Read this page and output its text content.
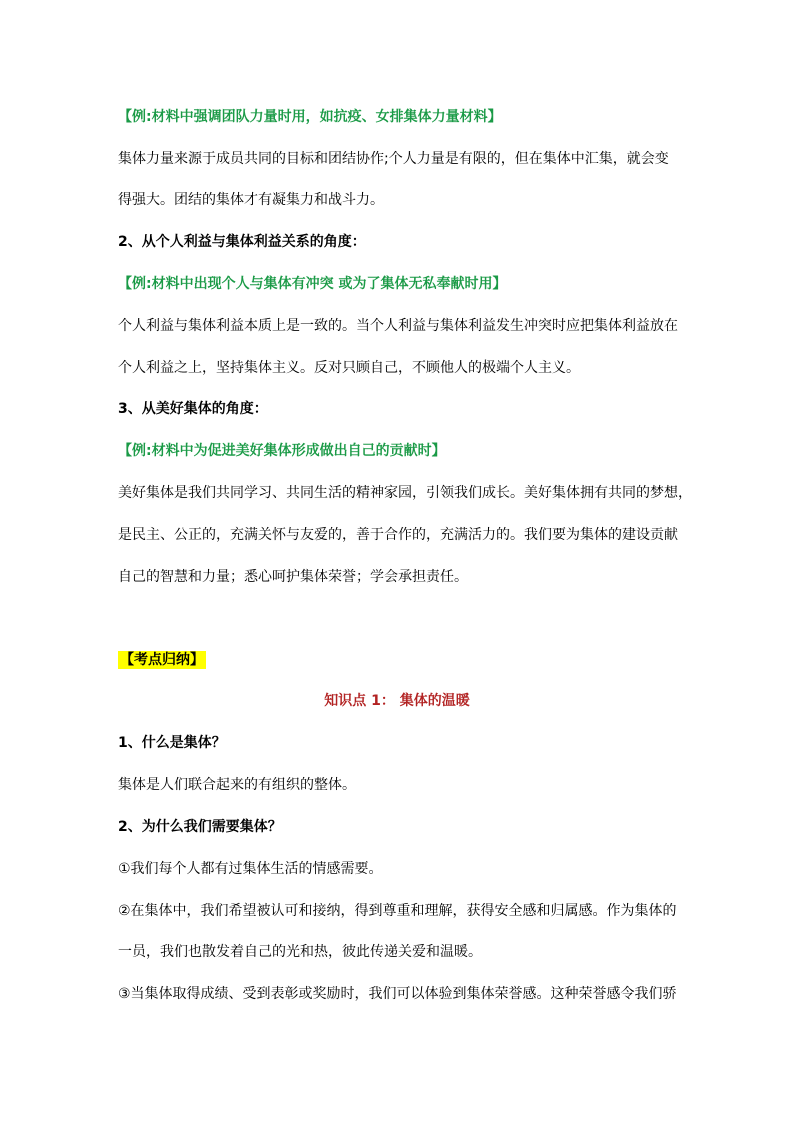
【例:材料中强调团队力量时用，如抗疫、女排集体力量材料】
集体力量来源于成员共同的目标和团结协作;个人力量是有限的，但在集体中汇集，就会变
得强大。团结的集体才有凝集力和战斗力。
2、从个人利益与集体利益关系的角度：
【例:材料中出现个人与集体有冲突 或为了集体无私奉献时用】
个人利益与集体利益本质上是一致的。当个人利益与集体利益发生冲突时应把集体利益放在
个人利益之上，坚持集体主义。反对只顾自己，不顾他人的极端个人主义。
3、从美好集体的角度：
【例:材料中为促进美好集体形成做出自己的贡献时】
美好集体是我们共同学习、共同生活的精神家园，引领我们成长。美好集体拥有共同的梦想，
是民主、公正的，充满关怀与友爱的，善于合作的，充满活力的。我们要为集体的建设贡献
自己的智慧和力量；悉心呵护集体荣誉；学会承担责任。
【考点归纳】
知识点 1： 集体的温暖
1、什么是集体？
集体是人们联合起来的有组织的整体。
2、为什么我们需要集体？
①我们每个人都有过集体生活的情感需要。
②在集体中，我们希望被认可和接纳，得到尊重和理解，获得安全感和归属感。作为集体的
一员，我们也散发着自己的光和热，彼此传递关爱和温暖。
③当集体取得成绩、受到表彰或奖励时，我们可以体验到集体荣誉感。这种荣誉感令我们骄
